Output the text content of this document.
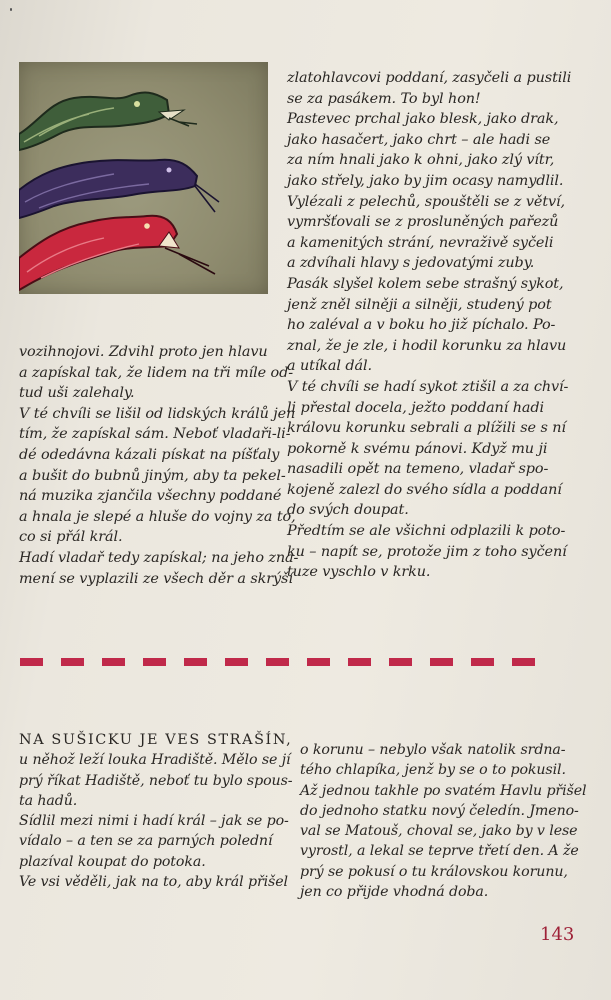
zlatohlavcovi poddaní, zasyčeli a pustili
se za pasákem. To byl hon!
Pastevec prchal jako blesk, jako drak,
jako hasačert, jako chrt – ale hadi se
za ním hnali jako k ohni, jako zlý vítr,
jako střely, jako by jim ocasy namydlil.
Vylézali z pelechů, spouštěli se z větví,
vymršťovali se z prosluněných pařezů
a kamenitých strání, nevraživě syčeli
a zdvíhali hlavy s jedovatými zuby.
Pasák slyšel kolem sebe strašný sykot,
jenž zněl silněji a silněji, studený pot
ho zaléval a v boku ho již píchalo. Po-
znal, že je zle, i hodil korunku za hlavu
a utíkal dál.
V té chvíli se hadí sykot ztišil a za chví-
li přestal docela, ježto poddaní hadi
královu korunku sebrali a plížili se s ní
pokorně k svému pánovi. Když mu ji
nasadili opět na temeno, vladař spo-
kojeně zalezl do svého sídla a poddaní
do svých doupat.
Předtím se ale všichni odplazili k poto-
ku – napít se, protože jim z toho syčení
tuze vyschlo v krku.
vozihnojovi. Zdvihl proto jen hlavu
a zapískal tak, že lidem na tři míle od-
tud uši zalehaly.
V té chvíli se lišil od lidských králů jen
tím, že zapískal sám. Neboť vladaři-li-
dé odedávna kázali pískat na píšťaly
a bušit do bubnů jiným, aby ta pekel-
ná muzika zjančila všechny poddané
a hnala je slepé a hluše do vojny za to,
co si přál král.
Hadí vladař tedy zapískal; na jeho zna-
mení se vyplazili ze všech děr a skrýší
NA SUŠICKU JE VES STRAŠÍN,
u něhož leží louka Hradiště. Mělo se jí
prý říkat Hadiště, neboť tu bylo spous-
ta hadů.
Sídlil mezi nimi i hadí král – jak se po-
vídalo – a ten se za parných polední
plazíval koupat do potoka.
Ve vsi věděli, jak na to, aby král přišel
o korunu – nebylo však natolik srdna-
tého chlapíka, jenž by se o to pokusil.
Až jednou takhle po svatém Havlu přišel
do jednoho statku nový čeledín. Jmeno-
val se Matouš, choval se, jako by v lese
vyrostl, a lekal se teprve třetí den. A že
prý se pokusí o tu královskou korunu,
jen co přijde vhodná doba.
143
